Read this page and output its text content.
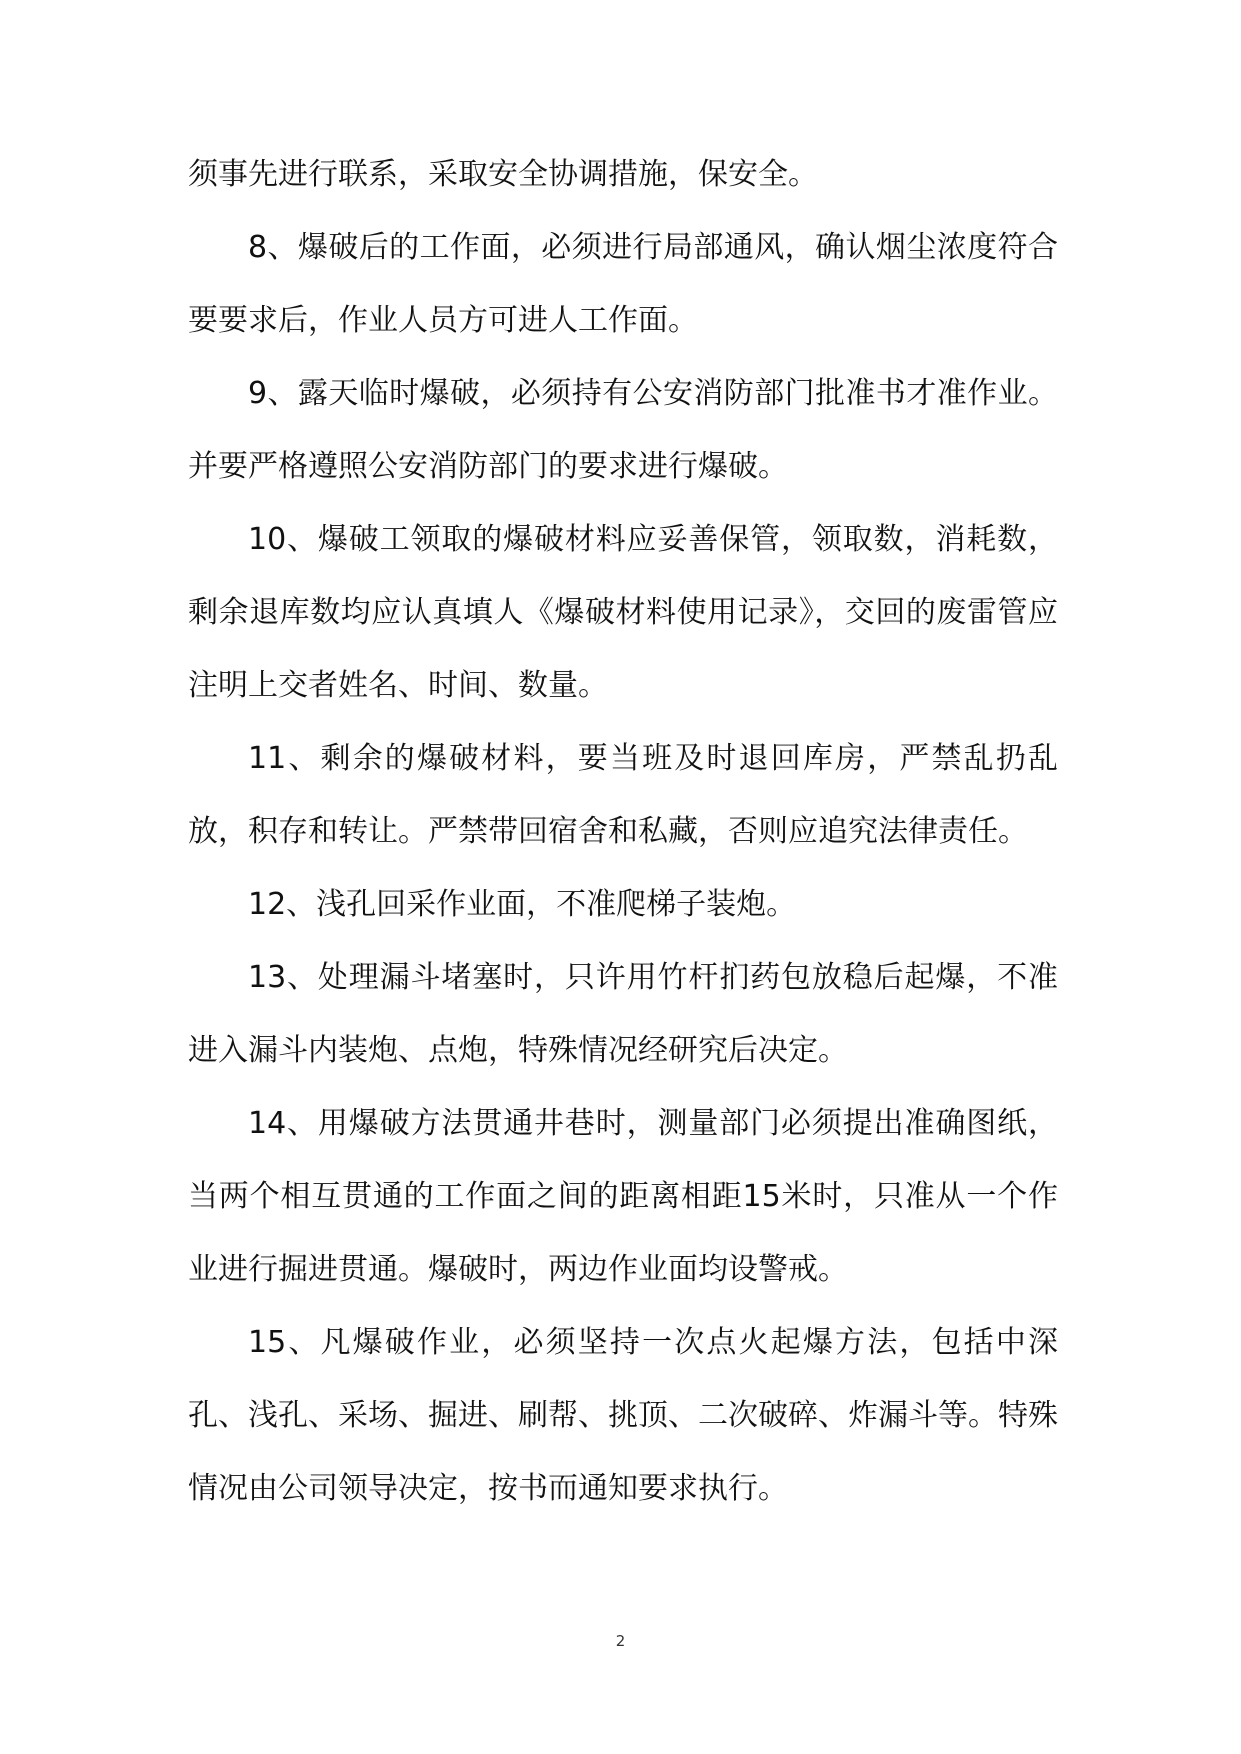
须事先进行联系，采取安全协调措施，保安全。

8、爆破后的工作面，必须进行局部通风，确认烟尘浓度符合要要求后，作业人员方可进人工作面。

9、露天临时爆破，必须持有公安消防部门批准书才准作业。并要严格遵照公安消防部门的要求进行爆破。

10、爆破工领取的爆破材料应妥善保管，领取数，消耗数，剩余退库数均应认真填人《爆破材料使用记录》，交回的废雷管应注明上交者姓名、时间、数量。

11、剩余的爆破材料，要当班及时退回库房，严禁乱扔乱放，积存和转让。严禁带回宿舍和私藏，否则应追究法律责任。

12、浅孔回采作业面，不准爬梯子装炮。

13、处理漏斗堵塞时，只许用竹杆扪药包放稳后起爆，不准进入漏斗内装炮、点炮，特殊情况经研究后决定。

14、用爆破方法贯通井巷时，测量部门必须提出准确图纸，当两个相互贯通的工作面之间的距离相距15米时，只准从一个作业进行掘进贯通。爆破时，两边作业面均设警戒。

15、凡爆破作业，必须坚持一次点火起爆方法，包括中深孔、浅孔、采场、掘进、刷帮、挑顶、二次破碎、炸漏斗等。特殊情况由公司领导决定，按书而通知要求执行。

2
